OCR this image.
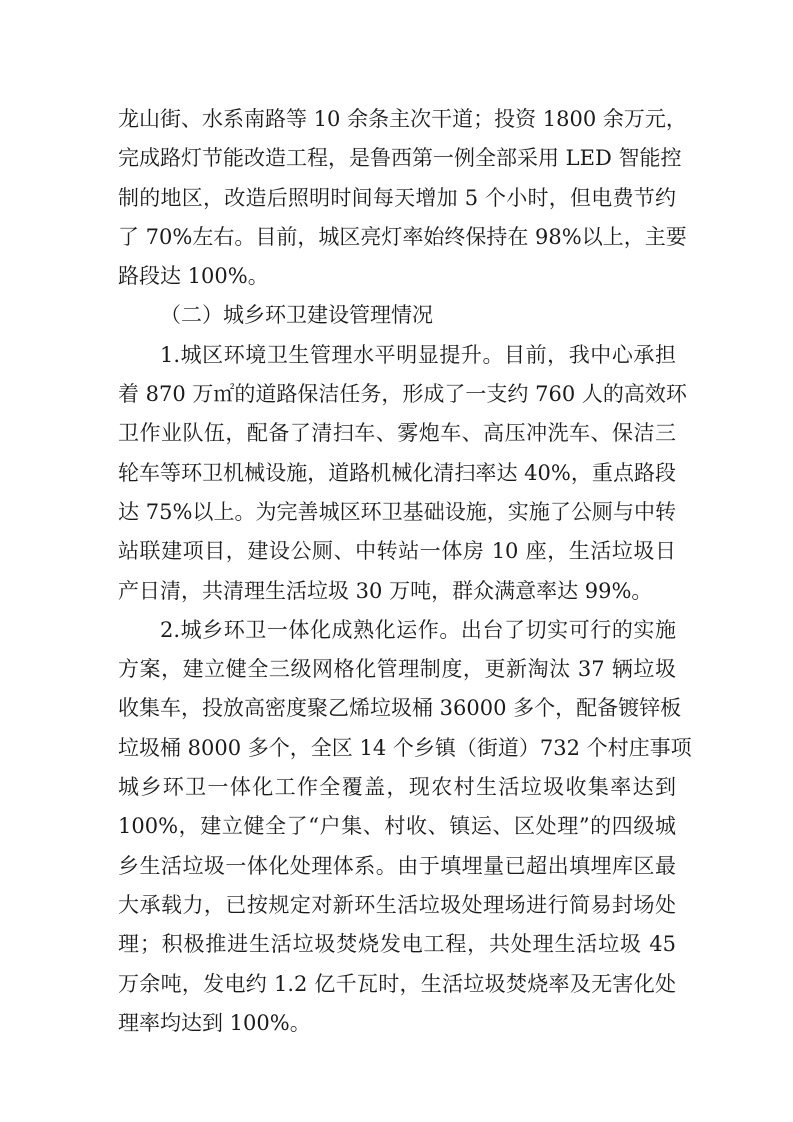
龙山街、水系南路等 10 余条主次干道；投资 1800 余万元，
完成路灯节能改造工程，是鲁西第一例全部采用 LED 智能控
制的地区，改造后照明时间每天增加 5 个小时，但电费节约
了 70%左右。目前，城区亮灯率始终保持在 98%以上，主要
路段达 100%。
（二）城乡环卫建设管理情况
1.城区环境卫生管理水平明显提升。目前，我中心承担
着 870 万㎡的道路保洁任务，形成了一支约 760 人的高效环
卫作业队伍，配备了清扫车、雾炮车、高压冲洗车、保洁三
轮车等环卫机械设施，道路机械化清扫率达 40%，重点路段
达 75%以上。为完善城区环卫基础设施，实施了公厕与中转
站联建项目，建设公厕、中转站一体房 10 座，生活垃圾日
产日清，共清理生活垃圾 30 万吨，群众满意率达 99%。
2.城乡环卫一体化成熟化运作。出台了切实可行的实施
方案，建立健全三级网格化管理制度，更新淘汰 37 辆垃圾
收集车，投放高密度聚乙烯垃圾桶 36000 多个，配备镀锌板
垃圾桶 8000 多个，全区 14 个乡镇（街道）732 个村庄事项
城乡环卫一体化工作全覆盖，现农村生活垃圾收集率达到
100%，建立健全了“户集、村收、镇运、区处理”的四级城
乡生活垃圾一体化处理体系。由于填埋量已超出填埋库区最
大承载力，已按规定对新环生活垃圾处理场进行简易封场处
理；积极推进生活垃圾焚烧发电工程，共处理生活垃圾 45
万余吨，发电约 1.2 亿千瓦时，生活垃圾焚烧率及无害化处
理率均达到 100%。
